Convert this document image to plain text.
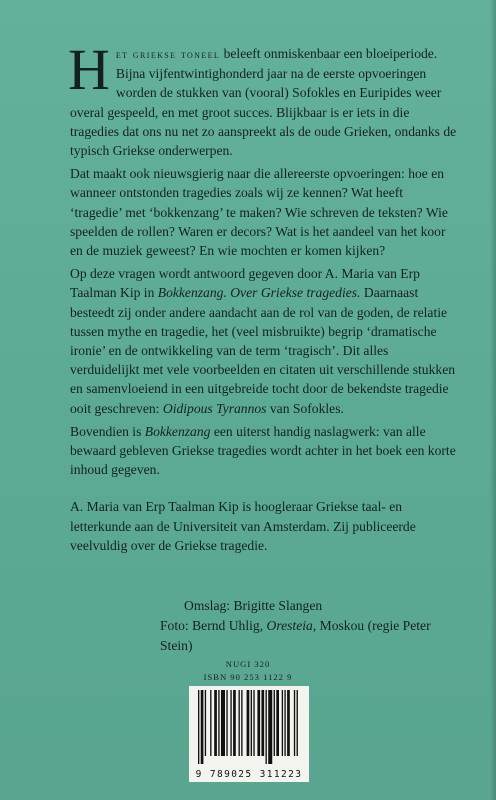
Het griekse toneel beleeft onmiskenbaar een bloeiperiode. Bijna vijfentwintighonderd jaar na de eerste opvoeringen worden de stukken van (vooral) Sofokles en Euripides weer overal gespeeld, en met groot succes. Blijkbaar is er iets in die tragedies dat ons nu net zo aanspreekt als de oude Grieken, ondanks de typisch Griekse onderwerpen.

Dat maakt ook nieuwsgierig naar die allereerste opvoeringen: hoe en wanneer ontstonden tragedies zoals wij ze kennen? Wat heeft ‘tragedie’ met ‘bokkenzang’ te maken? Wie schreven de teksten? Wie speelden de rollen? Waren er decors? Wat is het aandeel van het koor en de muziek geweest? En wie mochten er komen kijken?

Op deze vragen wordt antwoord gegeven door A. Maria van Erp Taalman Kip in Bokkenzang. Over Griekse tragedies. Daarnaast besteedt zij onder andere aandacht aan de rol van de goden, de relatie tussen mythe en tragedie, het (veel misbruikte) begrip ‘dramatische ironie’ en de ontwikkeling van de term ‘tragisch’. Dit alles verduidelijkt met vele voorbeelden en citaten uit verschillende stukken en samenvloeiend in een uitgebreide tocht door de bekendste tragedie ooit geschreven: Oidipous Tyrannos van Sofokles.

Bovendien is Bokkenzang een uiterst handig naslagwerk: van alle bewaard gebleven Griekse tragedies wordt achter in het boek een korte inhoud gegeven.

A. Maria van Erp Taalman Kip is hoogleraar Griekse taal- en letterkunde aan de Universiteit van Amsterdam. Zij publiceerde veelvuldig over de Griekse tragedie.

Omslag: Brigitte Slangen
Foto: Bernd Uhlig, Oresteia, Moskou (regie Peter Stein)
NUGI 320
ISBN 90 253 1122 9
9 789025 311223
